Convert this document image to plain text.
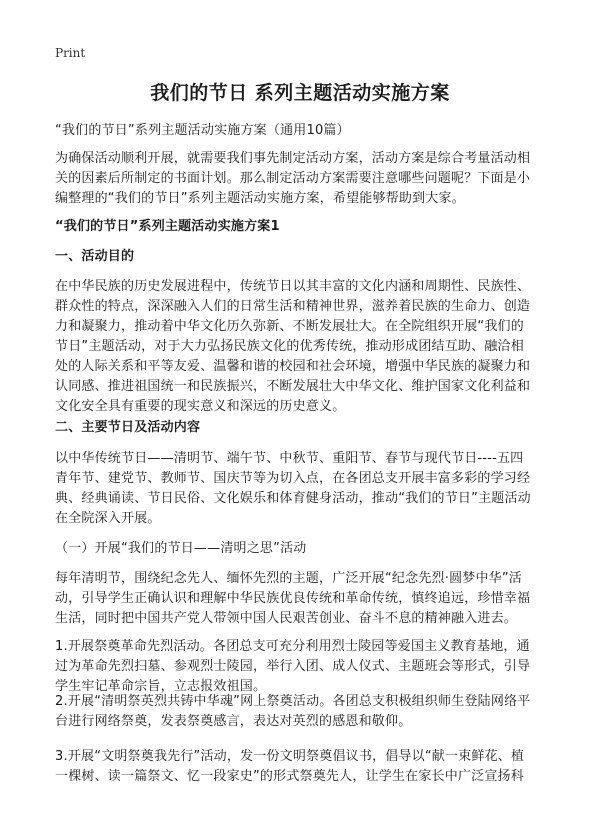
Print
我们的节日 系列主题活动实施方案
“我们的节日”系列主题活动实施方案（通用10篇）
为确保活动顺利开展，就需要我们事先制定活动方案，活动方案是综合考量活动相
关的因素后所制定的书面计划。那么制定活动方案需要注意哪些问题呢？下面是小
编整理的“我们的节日”系列主题活动实施方案，希望能够帮助到大家。
“我们的节日”系列主题活动实施方案1
一、活动目的
在中华民族的历史发展进程中，传统节日以其丰富的文化内涵和周期性、民族性、
群众性的特点，深深融入人们的日常生活和精神世界，滋养着民族的生命力、创造
力和凝聚力，推动着中华文化历久弥新、不断发展壮大。在全院组织开展“我们的
节日”主题活动，对于大力弘扬民族文化的优秀传统，推动形成团结互助、融洽相
处的人际关系和平等友爱、温馨和谐的校园和社会环境，增强中华民族的凝聚力和
认同感、推进祖国统一和民族振兴，不断发展壮大中华文化、维护国家文化利益和
文化安全具有重要的现实意义和深远的历史意义。
二、主要节日及活动内容
以中华传统节日——清明节、端午节、中秋节、重阳节、春节与现代节日----五四
青年节、建党节、教师节、国庆节等为切入点，在各团总支开展丰富多彩的学习经
典、经典诵读、节日民俗、文化娱乐和体育健身活动，推动“我们的节日”主题活动
在全院深入开展。
（一）开展“我们的节日——清明之思”活动
每年清明节，围绕纪念先人、缅怀先烈的主题，广泛开展“纪念先烈·圆梦中华”活
动，引导学生正确认识和理解中华民族优良传统和革命传统，慎终追远，珍惜幸福
生活，同时把中国共产党人带领中国人民艰苦创业、奋斗不息的精神融入进去。
1.开展祭奠革命先烈活动。各团总支可充分利用烈士陵园等爱国主义教育基地，通
过为革命先烈扫墓、参观烈士陵园，举行入团、成人仪式、主题班会等形式，引导
学生牢记革命宗旨，立志报效祖国。
2.开展“清明祭英烈共铸中华魂”网上祭奠活动。各团总支积极组织师生登陆网络平
台进行网络祭奠，发表祭奠感言，表达对英烈的感恩和敬仰。
3.开展“文明祭奠我先行”活动，发一份文明祭奠倡议书，倡导以“献一束鲜花、植
一棵树、读一篇祭文、忆一段家史”的形式祭奠先人，让学生在家长中广泛宣扬科
